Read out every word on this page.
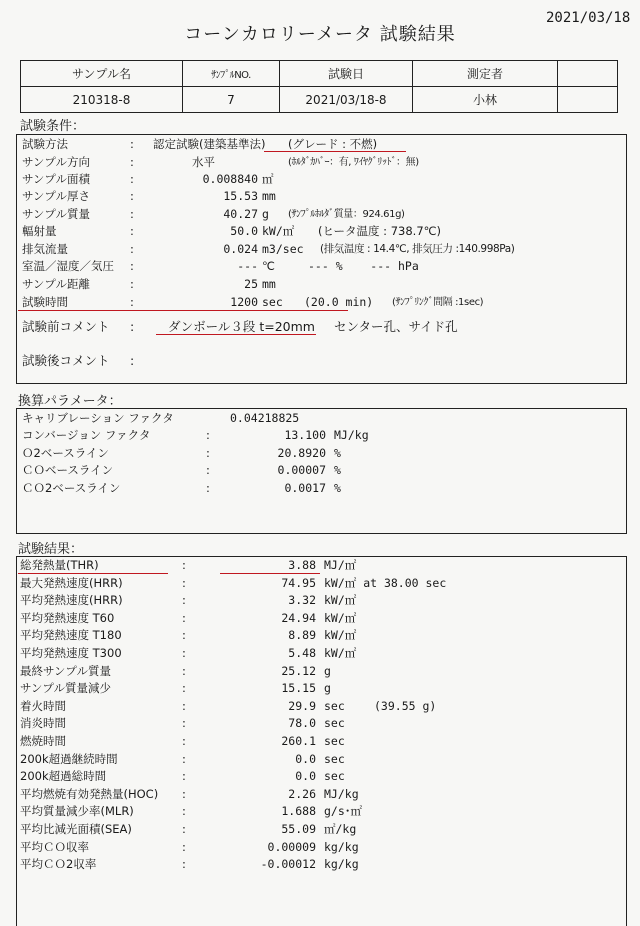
2021/03/18
コーンカロリーメータ 試験結果
サンプル名	ｻﾝﾌﾟﾙNO.	試験日	測定者	
210318-8	7	2021/03/18-8	小林	
試験条件：
試験方法	: 認定試験(建築基準法) (グレード : 不燃)
サンプル方向	:	水平	(ﾎﾙﾀﾞｶﾊﾞｰ：有, ﾜｲﾔｸﾞﾘｯﾄﾞ：無)
サンプル面積	:	0.008840 ㎡
サンプル厚さ	:	15.53 mm
サンプル質量	:	40.27 g (ｻﾝﾌﾟﾙﾎﾙﾀﾞ質量：924.61g)
輻射量	:	50.0 kW/㎡ (ヒータ温度 : 738.7℃)
排気流量	:	0.024 m3/sec (排気温度 : 14.4℃, 排気圧力 :140.998Pa)
室温／湿度／気圧 :	--- ℃	--- %    --- hPa
サンプル距離	:	25 mm
試験時間	:	1200 sec (20.0 min) (ｻﾝﾌﾟﾘﾝｸﾞ間隔 :1sec)
試験前コメント :	ダンボール３段 t=20mm センター孔、サイド孔
試験後コメント :
換算パラメータ：
キャリブレーション ファクタ	0.04218825
コンバージョン ファクタ	:	13.100 MJ/kg
Ｏ2ベースライン	:	20.8920 %
ＣＯベースライン	:	0.00007 %
ＣＯ2ベースライン	:	0.0017 %
試験結果：
総発熱量(THR)	:	3.88 MJ/㎡
最大発熱速度(HRR)	:	74.95 kW/㎡ at 38.00 sec
平均発熱速度(HRR)	:	3.32 kW/㎡
平均発熱速度 T60	:	24.94 kW/㎡
平均発熱速度 T180	:	8.89 kW/㎡
平均発熱速度 T300	:	5.48 kW/㎡
最終サンプル質量	:	25.12 g
サンプル質量減少	:	15.15 g
着火時間	:	29.9 sec	(39.55 g)
消炎時間	:	78.0 sec
燃焼時間	:	260.1 sec
200k超過継続時間	:	0.0 sec
200k超過総時間	:	0.0 sec
平均燃焼有効発熱量(HOC) :	2.26 MJ/kg
平均質量減少率(MLR)	:	1.688 g/s･㎡
平均比減光面積(SEA)	:	55.09 ㎡/kg
平均ＣＯ収率	:	0.00009 kg/kg
平均ＣＯ2収率	:	-0.00012 kg/kg
